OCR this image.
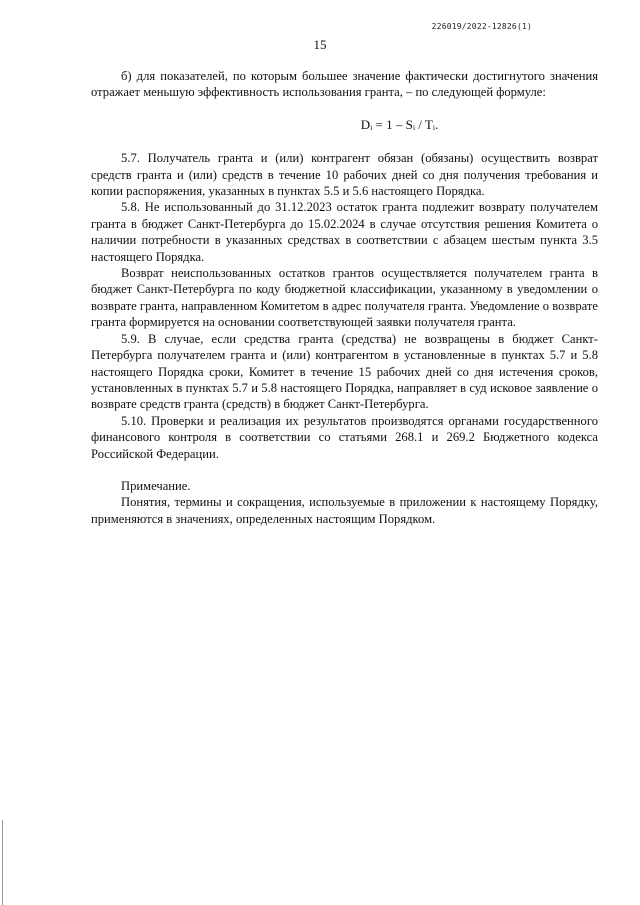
226019/2022-12826(1)
15

б) для показателей, по которым большее значение фактически достигнутого значения отражает меньшую эффективность использования гранта, – по следующей формуле:

Dᵢ = 1 – Sᵢ / Tᵢ.

5.7. Получатель гранта и (или) контрагент обязан (обязаны) осуществить возврат средств гранта и (или) средств в течение 10 рабочих дней со дня получения требования и копии распоряжения, указанных в пунктах 5.5 и 5.6 настоящего Порядка.

5.8. Не использованный до 31.12.2023 остаток гранта подлежит возврату получателем гранта в бюджет Санкт-Петербурга до 15.02.2024 в случае отсутствия решения Комитета о наличии потребности в указанных средствах в соответствии с абзацем шестым пункта 3.5 настоящего Порядка.

Возврат неиспользованных остатков грантов осуществляется получателем гранта в бюджет Санкт-Петербурга по коду бюджетной классификации, указанному в уведомлении о возврате гранта, направленном Комитетом в адрес получателя гранта. Уведомление о возврате гранта формируется на основании соответствующей заявки получателя гранта.

5.9. В случае, если средства гранта (средства) не возвращены в бюджет Санкт-Петербурга получателем гранта и (или) контрагентом в установленные в пунктах 5.7 и 5.8 настоящего Порядка сроки, Комитет в течение 15 рабочих дней со дня истечения сроков, установленных в пунктах 5.7 и 5.8 настоящего Порядка, направляет в суд исковое заявление о возврате средств гранта (средств) в бюджет Санкт-Петербурга.

5.10. Проверки и реализация их результатов производятся органами государственного финансового контроля в соответствии со статьями 268.1 и 269.2 Бюджетного кодекса Российской Федерации.

Примечание.

Понятия, термины и сокращения, используемые в приложении к настоящему Порядку, применяются в значениях, определенных настоящим Порядком.
